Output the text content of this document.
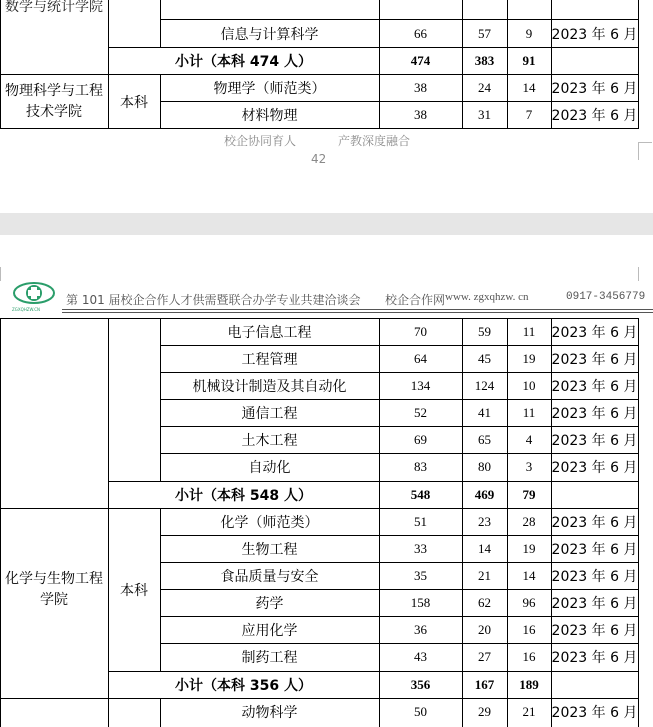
数学与统计学院
信息与计算科学	66	57	9	2023 年 6 月
小计（本科 474 人）	474	383	91
物理科学与工程技术学院
本科
物理学（师范类）	38	24	14	2023 年 6 月
材料物理	38	31	7	2023 年 6 月
校企协同育人	产教深度融合
42
ZGXQHZW.CN
第 101 届校企合作人才供需暨联合办学专业共建洽谈会 校企合作网 www. zgxqhzw. cn	0917-3456779
电子信息工程	70	59	11	2023 年 6 月
工程管理	64	45	19	2023 年 6 月
机械设计制造及其自动化	134	124	10	2023 年 6 月
通信工程	52	41	11	2023 年 6 月
土木工程	69	65	4	2023 年 6 月
自动化	83	80	3	2023 年 6 月
小计（本科 548 人）	548	469	79
化学与生物工程学院
本科
化学（师范类）	51	23	28	2023 年 6 月
生物工程	33	14	19	2023 年 6 月
食品质量与安全	35	21	14	2023 年 6 月
药学	158	62	96	2023 年 6 月
应用化学	36	20	16	2023 年 6 月
制药工程	43	27	16	2023 年 6 月
小计（本科 356 人）	356	167	189
动物科学	50	29	21	2023 年 6 月
